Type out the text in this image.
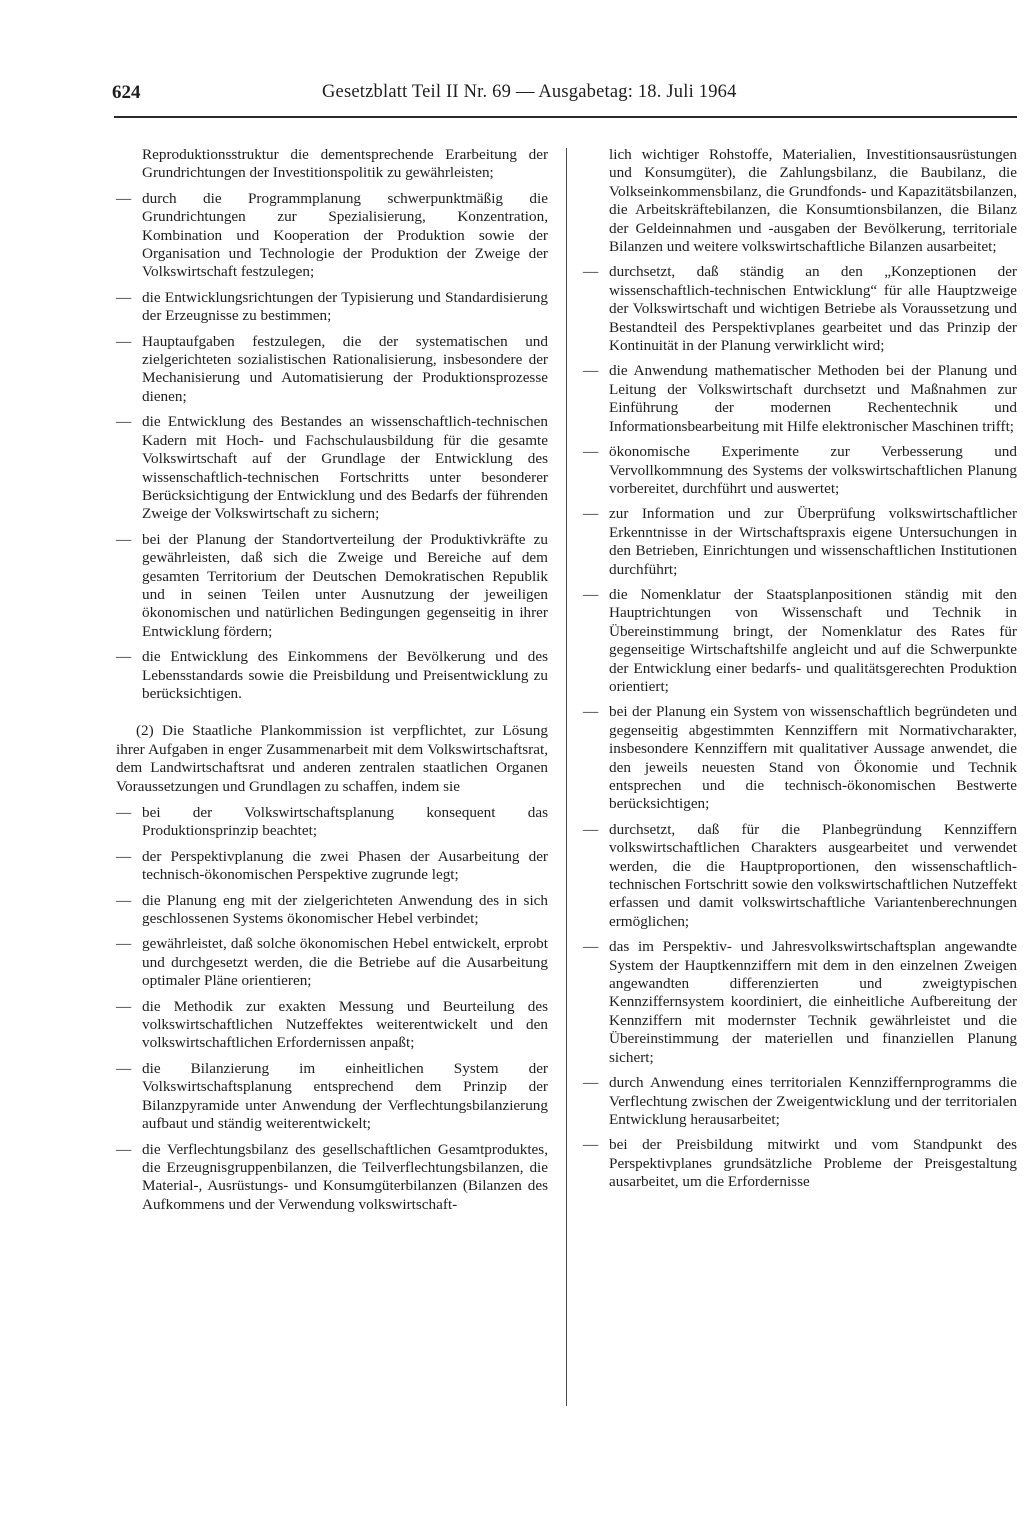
624	Gesetzblatt Teil II Nr. 69 — Ausgabetag: 18. Juli 1964

Reproduktionsstruktur die dementsprechende Erarbeitung der Grundrichtungen der Investitionspolitik zu gewährleisten;

— durch die Programmplanung schwerpunktmäßig die Grundrichtungen zur Spezialisierung, Konzentration, Kombination und Kooperation der Produktion sowie der Organisation und Technologie der Produktion der Zweige der Volkswirtschaft festzulegen;
— die Entwicklungsrichtungen der Typisierung und Standardisierung der Erzeugnisse zu bestimmen;
— Hauptaufgaben festzulegen, die der systematischen und zielgerichteten sozialistischen Rationalisierung, insbesondere der Mechanisierung und Automatisierung der Produktionsprozesse dienen;
— die Entwicklung des Bestandes an wissenschaftlich-technischen Kadern mit Hoch- und Fachschulausbildung für die gesamte Volkswirtschaft auf der Grundlage der Entwicklung des wissenschaftlich-technischen Fortschritts unter besonderer Berücksichtigung der Entwicklung und des Bedarfs der führenden Zweige der Volkswirtschaft zu sichern;
— bei der Planung der Standortverteilung der Produktivkräfte zu gewährleisten, daß sich die Zweige und Bereiche auf dem gesamten Territorium der Deutschen Demokratischen Republik und in seinen Teilen unter Ausnutzung der jeweiligen ökonomischen und natürlichen Bedingungen gegenseitig in ihrer Entwicklung fördern;
— die Entwicklung des Einkommens der Bevölkerung und des Lebensstandards sowie die Preisbildung und Preisentwicklung zu berücksichtigen.

(2) Die Staatliche Plankommission ist verpflichtet, zur Lösung ihrer Aufgaben in enger Zusammenarbeit mit dem Volkswirtschaftsrat, dem Landwirtschaftsrat und anderen zentralen staatlichen Organen Voraussetzungen und Grundlagen zu schaffen, indem sie

— bei der Volkswirtschaftsplanung konsequent das Produktionsprinzip beachtet;
— der Perspektivplanung die zwei Phasen der Ausarbeitung der technisch-ökonomischen Perspektive zugrunde legt;
— die Planung eng mit der zielgerichteten Anwendung des in sich geschlossenen Systems ökonomischer Hebel verbindet;
— gewährleistet, daß solche ökonomischen Hebel entwickelt, erprobt und durchgesetzt werden, die die Betriebe auf die Ausarbeitung optimaler Pläne orientieren;
— die Methodik zur exakten Messung und Beurteilung des volkswirtschaftlichen Nutzeffektes weiterentwickelt und den volkswirtschaftlichen Erfordernissen anpaßt;
— die Bilanzierung im einheitlichen System der Volkswirtschaftsplanung entsprechend dem Prinzip der Bilanzpyramide unter Anwendung der Verflechtungsbilanzierung aufbaut und ständig weiterentwickelt;
— die Verflechtungsbilanz des gesellschaftlichen Gesamtproduktes, die Erzeugnisgruppenbilanzen, die Teilverflechtungsbilanzen, die Material-, Ausrüstungs- und Konsumgüterbilanzen (Bilanzen des Aufkommens und der Verwendung volkswirtschaft-

lich wichtiger Rohstoffe, Materialien, Investitionsausrüstungen und Konsumgüter), die Zahlungsbilanz, die Baubilanz, die Volkseinkommensbilanz, die Grundfonds- und Kapazitätsbilanzen, die Arbeitskräftebilanzen, die Konsumtionsbilanzen, die Bilanz der Geldeinnahmen und -ausgaben der Bevölkerung, territoriale Bilanzen und weitere volkswirtschaftliche Bilanzen ausarbeitet;

— durchsetzt, daß ständig an den „Konzeptionen der wissenschaftlich-technischen Entwicklung“ für alle Hauptzweige der Volkswirtschaft und wichtigen Betriebe als Voraussetzung und Bestandteil des Perspektivplanes gearbeitet und das Prinzip der Kontinuität in der Planung verwirklicht wird;
— die Anwendung mathematischer Methoden bei der Planung und Leitung der Volkswirtschaft durchsetzt und Maßnahmen zur Einführung der modernen Rechentechnik und Informationsbearbeitung mit Hilfe elektronischer Maschinen trifft;
— ökonomische Experimente zur Verbesserung und Vervollkommnung des Systems der volkswirtschaftlichen Planung vorbereitet, durchführt und auswertet;
— zur Information und zur Überprüfung volkswirtschaftlicher Erkenntnisse in der Wirtschaftspraxis eigene Untersuchungen in den Betrieben, Einrichtungen und wissenschaftlichen Institutionen durchführt;
— die Nomenklatur der Staatsplanpositionen ständig mit den Hauptrichtungen von Wissenschaft und Technik in Übereinstimmung bringt, der Nomenklatur des Rates für gegenseitige Wirtschaftshilfe angleicht und auf die Schwerpunkte der Entwicklung einer bedarfs- und qualitätsgerechten Produktion orientiert;
— bei der Planung ein System von wissenschaftlich begründeten und gegenseitig abgestimmten Kennziffern mit Normativcharakter, insbesondere Kennziffern mit qualitativer Aussage anwendet, die den jeweils neuesten Stand von Ökonomie und Technik entsprechen und die technisch-ökonomischen Bestwerte berücksichtigen;
— durchsetzt, daß für die Planbegründung Kennziffern volkswirtschaftlichen Charakters ausgearbeitet und verwendet werden, die die Hauptproportionen, den wissenschaftlich-technischen Fortschritt sowie den volkswirtschaftlichen Nutzeffekt erfassen und damit volkswirtschaftliche Variantenberechnungen ermöglichen;
— das im Perspektiv- und Jahresvolkswirtschaftsplan angewandte System der Hauptkennziffern mit dem in den einzelnen Zweigen angewandten differenzierten und zweigtypischen Kennziffernsystem koordiniert, die einheitliche Aufbereitung der Kennziffern mit modernster Technik gewährleistet und die Übereinstimmung der materiellen und finanziellen Planung sichert;
— durch Anwendung eines territorialen Kennziffernprogramms die Verflechtung zwischen der Zweigentwicklung und der territorialen Entwicklung herausarbeitet;
— bei der Preisbildung mitwirkt und vom Standpunkt des Perspektivplanes grundsätzliche Probleme der Preisgestaltung ausarbeitet, um die Erfordernisse
